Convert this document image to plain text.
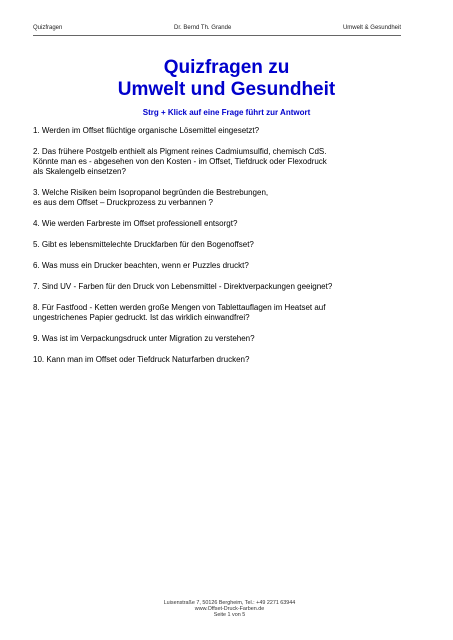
Quizfragen	Dr. Bernd Th. Grande	Umwelt & Gesundheit
Quizfragen zu
Umwelt und Gesundheit
Strg + Klick auf eine Frage führt zur Antwort
1. Werden im Offset flüchtige organische Lösemittel eingesetzt?
2. Das frühere Postgelb enthielt als Pigment reines Cadmiumsulfid, chemisch CdS.
Könnte man es - abgesehen von den Kosten - im Offset, Tiefdruck oder Flexodruck
als Skalengelb einsetzen?
3. Welche Risiken beim Isopropanol begründen die Bestrebungen,
es aus dem Offset – Druckprozess zu verbannen ?
4. Wie werden Farbreste im Offset professionell entsorgt?
5. Gibt es lebensmittelechte Druckfarben für den Bogenoffset?
6. Was muss ein Drucker beachten, wenn er Puzzles druckt?
7. Sind UV - Farben für den Druck von Lebensmittel - Direktverpackungen geeignet?
8. Für Fastfood - Ketten werden große Mengen von Tablettauflagen im Heatset auf
ungestrichenes Papier gedruckt. Ist das wirklich einwandfrei?
9. Was ist im Verpackungsdruck unter Migration zu verstehen?
10. Kann man im Offset oder Tiefdruck Naturfarben drucken?

Luisenstraße 7, 50126 Bergheim, Tel.: +49 2271 63944
www.Offset-Druck-Farben.de
Seite 1 von 5
